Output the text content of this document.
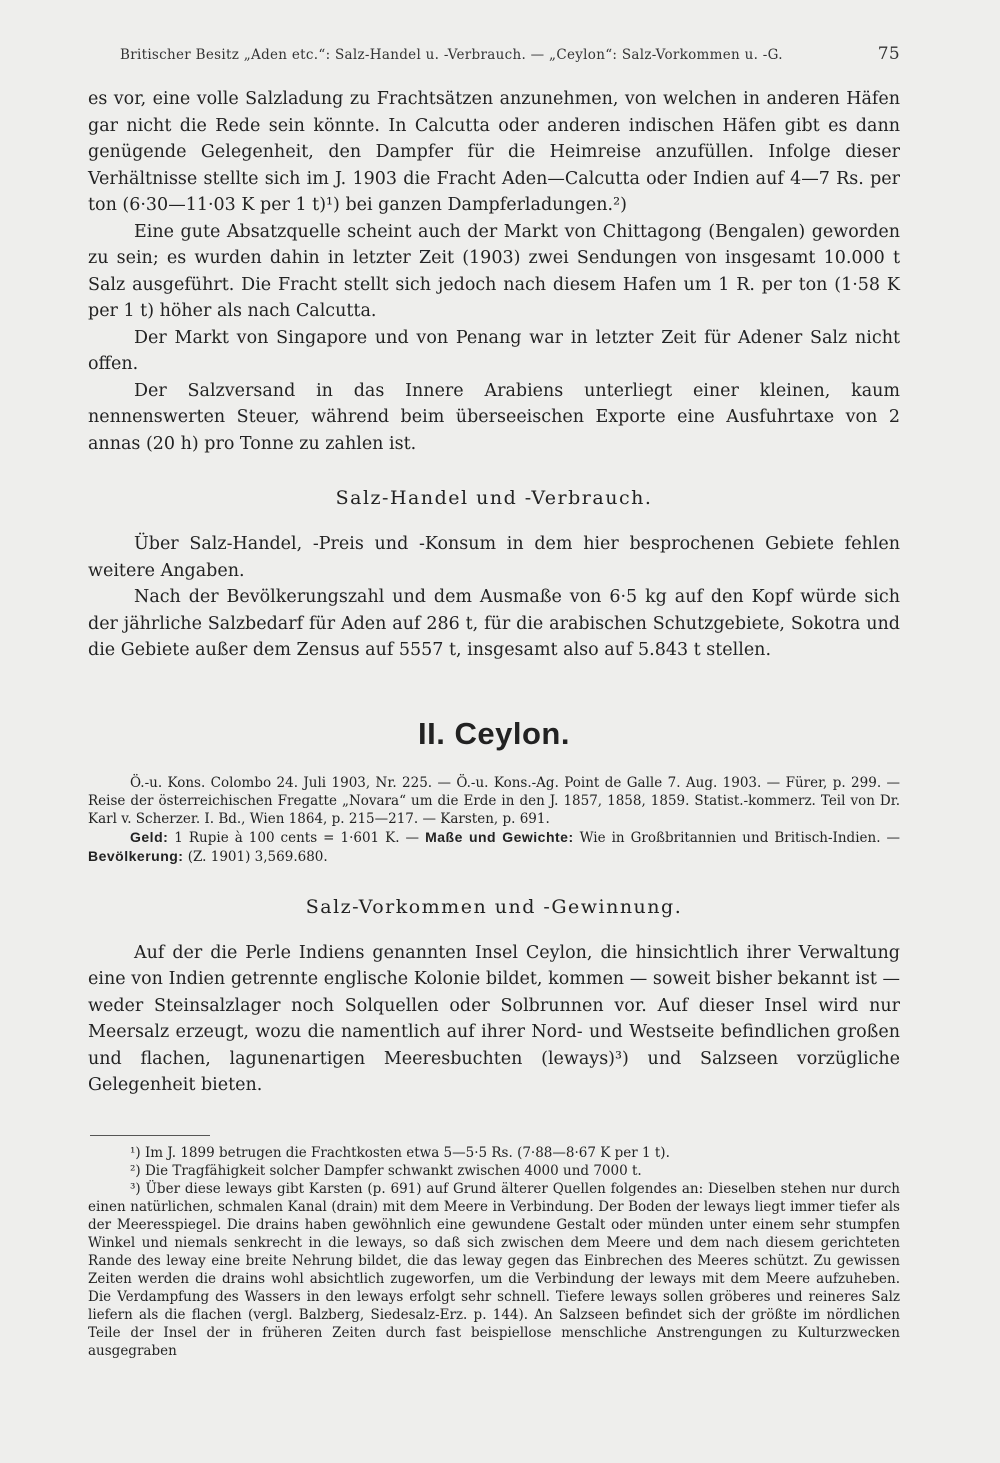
Britischer Besitz „Aden etc.“: Salz-Handel u. -Verbrauch. — „Ceylon“: Salz-Vorkommen u. -G.	75

es vor, eine volle Salzladung zu Frachtsätzen anzunehmen, von welchen in anderen Häfen gar nicht die Rede sein könnte. In Calcutta oder anderen indischen Häfen gibt es dann genügende Gelegenheit, den Dampfer für die Heimreise anzufüllen. Infolge dieser Verhältnisse stellte sich im J. 1903 die Fracht Aden—Calcutta oder Indien auf 4—7 Rs. per ton (6·30—11·03 K per 1 t)¹) bei ganzen Dampferladungen.²)

Eine gute Absatzquelle scheint auch der Markt von Chittagong (Bengalen) geworden zu sein; es wurden dahin in letzter Zeit (1903) zwei Sendungen von insgesamt 10.000 t Salz ausgeführt. Die Fracht stellt sich jedoch nach diesem Hafen um 1 R. per ton (1·58 K per 1 t) höher als nach Calcutta.

Der Markt von Singapore und von Penang war in letzter Zeit für Adener Salz nicht offen.

Der Salzversand in das Innere Arabiens unterliegt einer kleinen, kaum nennenswerten Steuer, während beim überseeischen Exporte eine Ausfuhrtaxe von 2 annas (20 h) pro Tonne zu zahlen ist.

Salz-Handel und -Verbrauch.

Über Salz-Handel, -Preis und -Konsum in dem hier besprochenen Gebiete fehlen weitere Angaben.

Nach der Bevölkerungszahl und dem Ausmaße von 6·5 kg auf den Kopf würde sich der jährliche Salzbedarf für Aden auf 286 t, für die arabischen Schutzgebiete, Sokotra und die Gebiete außer dem Zensus auf 5557 t, insgesamt also auf 5.843 t stellen.

II. Ceylon.

Ö.-u. Kons. Colombo 24. Juli 1903, Nr. 225. — Ö.-u. Kons.-Ag. Point de Galle 7. Aug. 1903. — Fürer, p. 299. — Reise der österreichischen Fregatte „Novara“ um die Erde in den J. 1857, 1858, 1859. Statist.-kommerz. Teil von Dr. Karl v. Scherzer. I. Bd., Wien 1864, p. 215—217. — Karsten, p. 691.

Geld: 1 Rupie à 100 cents = 1·601 K. — Maße und Gewichte: Wie in Großbritannien und Britisch-Indien. — Bevölkerung: (Z. 1901) 3,569.680.

Salz-Vorkommen und -Gewinnung.

Auf der die Perle Indiens genannten Insel Ceylon, die hinsichtlich ihrer Verwaltung eine von Indien getrennte englische Kolonie bildet, kommen — soweit bisher bekannt ist — weder Steinsalzlager noch Solquellen oder Solbrunnen vor. Auf dieser Insel wird nur Meersalz erzeugt, wozu die namentlich auf ihrer Nord- und Westseite befindlichen großen und flachen, lagunenartigen Meeresbuchten (leways)³) und Salzseen vorzügliche Gelegenheit bieten.

¹) Im J. 1899 betrugen die Frachtkosten etwa 5—5·5 Rs. (7·88—8·67 K per 1 t).

²) Die Tragfähigkeit solcher Dampfer schwankt zwischen 4000 und 7000 t.

³) Über diese leways gibt Karsten (p. 691) auf Grund älterer Quellen folgendes an: Dieselben stehen nur durch einen natürlichen, schmalen Kanal (drain) mit dem Meere in Verbindung. Der Boden der leways liegt immer tiefer als der Meeresspiegel. Die drains haben gewöhnlich eine gewundene Gestalt oder münden unter einem sehr stumpfen Winkel und niemals senkrecht in die leways, so daß sich zwischen dem Meere und dem nach diesem gerichteten Rande des leway eine breite Nehrung bildet, die das leway gegen das Einbrechen des Meeres schützt. Zu gewissen Zeiten werden die drains wohl absichtlich zugeworfen, um die Verbindung der leways mit dem Meere aufzuheben. Die Verdampfung des Wassers in den leways erfolgt sehr schnell. Tiefere leways sollen gröberes und reineres Salz liefern als die flachen (vergl. Balzberg, Siedesalz-Erz. p. 144). An Salzseen befindet sich der größte im nördlichen Teile der Insel der in früheren Zeiten durch fast beispiellose menschliche Anstrengungen zu Kulturzwecken ausgegraben
